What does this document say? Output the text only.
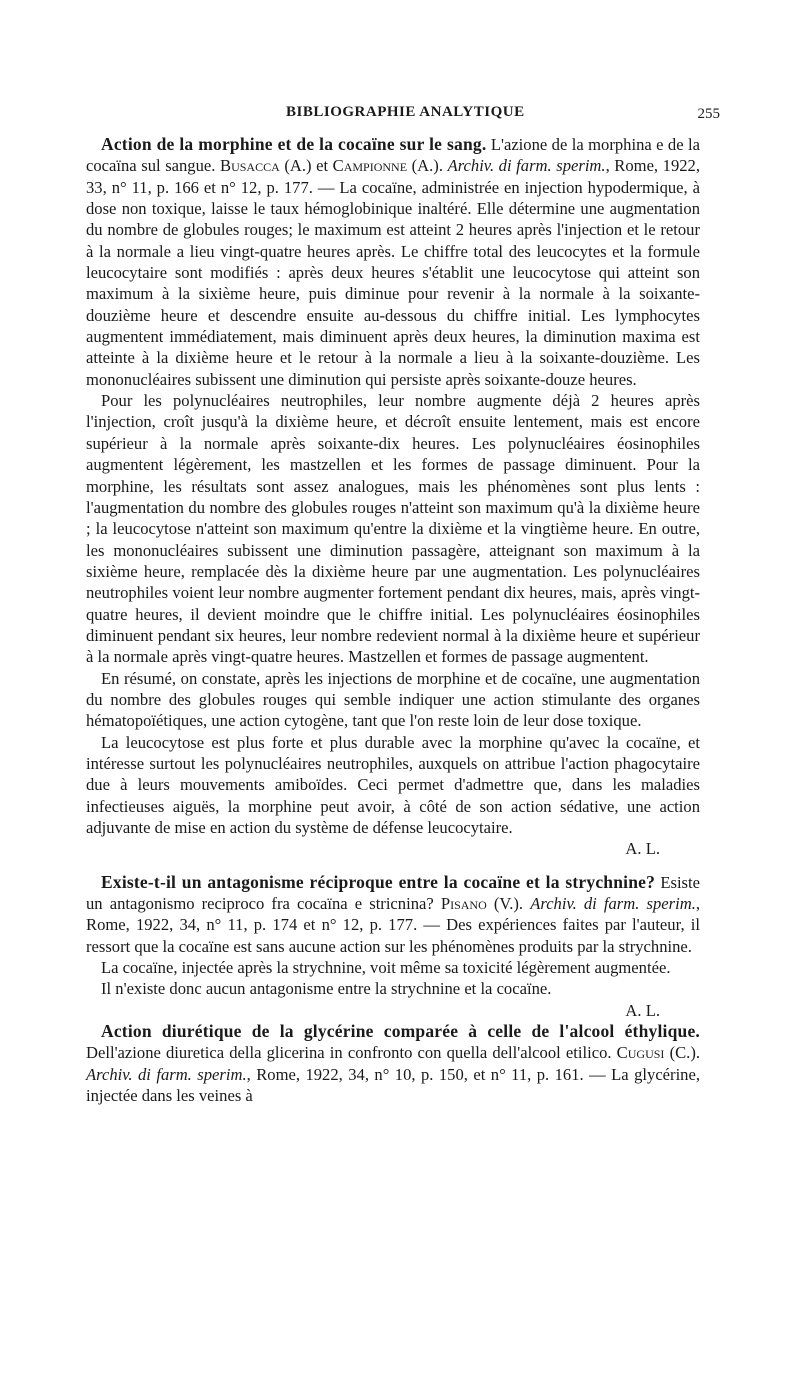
BIBLIOGRAPHIE ANALYTIQUE	255

Action de la morphine et de la cocaïne sur le sang. L'azione de la morphina e de la cocaïna sul sangue. Busacca (A.) et Campionne (A.). Archiv. di farm. sperim., Rome, 1922, 33, n° 11, p. 166 et n° 12, p. 177. — La cocaïne, administrée en injection hypodermique, à dose non toxique, laisse le taux hémoglobinique inaltéré. Elle détermine une augmentation du nombre de globules rouges; le maximum est atteint 2 heures après l'injection et le retour à la normale a lieu vingt-quatre heures après. Le chiffre total des leucocytes et la formule leucocytaire sont modifiés : après deux heures s'établit une leucocytose qui atteint son maximum à la sixième heure, puis diminue pour revenir à la normale à la soixante-douzième heure et descendre ensuite au-dessous du chiffre initial. Les lymphocytes augmentent immédiatement, mais diminuent après deux heures, la diminution maxima est atteinte à la dixième heure et le retour à la normale a lieu à la soixante-douzième. Les mononucléaires subissent une diminution qui persiste après soixante-douze heures.

Pour les polynucléaires neutrophiles, leur nombre augmente déjà 2 heures après l'injection, croît jusqu'à la dixième heure, et décroît ensuite lentement, mais est encore supérieur à la normale après soixante-dix heures. Les polynucléaires éosinophiles augmentent légèrement, les mastzellen et les formes de passage diminuent. Pour la morphine, les résultats sont assez analogues, mais les phénomènes sont plus lents : l'augmentation du nombre des globules rouges n'atteint son maximum qu'à la dixième heure ; la leucocytose n'atteint son maximum qu'entre la dixième et la vingtième heure. En outre, les mononucléaires subissent une diminution passagère, atteignant son maximum à la sixième heure, remplacée dès la dixième heure par une augmentation. Les polynucléaires neutrophiles voient leur nombre augmenter fortement pendant dix heures, mais, après vingt-quatre heures, il devient moindre que le chiffre initial. Les polynucléaires éosinophiles diminuent pendant six heures, leur nombre redevient normal à la dixième heure et supérieur à la normale après vingt-quatre heures. Mastzellen et formes de passage augmentent.

En résumé, on constate, après les injections de morphine et de cocaïne, une augmentation du nombre des globules rouges qui semble indiquer une action stimulante des organes hématopoïétiques, une action cytogène, tant que l'on reste loin de leur dose toxique.

La leucocytose est plus forte et plus durable avec la morphine qu'avec la cocaïne, et intéresse surtout les polynucléaires neutrophiles, auxquels on attribue l'action phagocytaire due à leurs mouvements amiboïdes. Ceci permet d'admettre que, dans les maladies infectieuses aiguës, la morphine peut avoir, à côté de son action sédative, une action adjuvante de mise en action du système de défense leucocytaire.

A. L.

Existe-t-il un antagonisme réciproque entre la cocaïne et la strychnine? Esiste un antagonismo reciproco fra cocaïna e stricnina? Pisano (V.). Archiv. di farm. sperim., Rome, 1922, 34, n° 11, p. 174 et n° 12, p. 177. — Des expériences faites par l'auteur, il ressort que la cocaïne est sans aucune action sur les phénomènes produits par la strychnine.

La cocaïne, injectée après la strychnine, voit même sa toxicité légèrement augmentée.

Il n'existe donc aucun antagonisme entre la strychnine et la cocaïne.

A. L.

Action diurétique de la glycérine comparée à celle de l'alcool éthylique. Dell'azione diuretica della glicerina in confronto con quella dell'alcool etilico. Cugusi (C.). Archiv. di farm. sperim., Rome, 1922, 34, n° 10, p. 150, et n° 11, p. 161. — La glycérine, injectée dans les veines à
